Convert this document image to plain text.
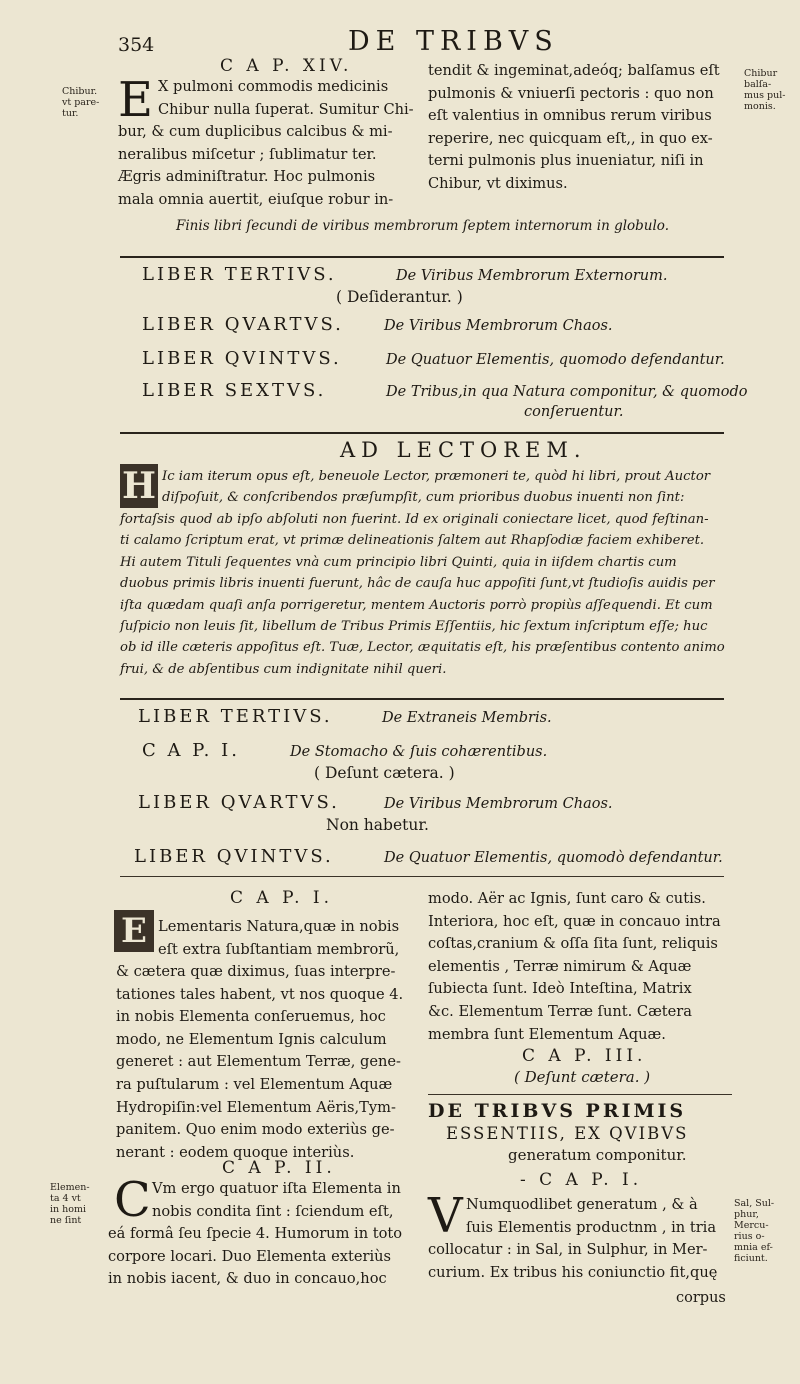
354	DE TRIBVS
Chibur.
vt pare-
tur.
Chibur
balſa-
mus pul-
monis.
C A P. XIV.
E X pulmoni commodis medicinis
Chibur nulla ſuperat. Sumitur Chi-
bur, & cum duplicibus calcibus & mi-
neralibus miſcetur ; ſublimatur ter.
Ægris adminiſtratur. Hoc pulmonis
mala omnia auertit, eiuſque robur in-
tendit & ingeminat,adeóq; balſamus eſt
pulmonis & vniuerſi pectoris : quo non
eſt valentius in omnibus rerum viribus
reperire, nec quicquam eſt,, in quo ex-
terni pulmonis plus inueniatur, niſi in
Chibur, vt diximus.
Finis libri ſecundi de viribus membrorum ſeptem internorum in globulo.
LIBER TERTIVS.	De Viribus Membrorum Externorum.
( Deſiderantur. )
LIBER QVARTVS.	De Viribus Membrorum Chaos.
LIBER QVINTVS.	De Quatuor Elementis, quomodo defendantur.
LIBER SEXTVS.	De Tribus,in qua Natura componitur, & quomodo
conſeruentur.
AD LECTOREM.
H Ic iam iterum opus eſt, beneuole Lector, præmoneri te, quòd hi libri, prout Auctor
diſpoſuit, & conſcribendos præſumpſit, cum prioribus duobus inuenti non ſint:
fortaſsis quod ab ipſo abſoluti non fuerint. Id ex originali coniectare licet, quod feſtinan-
ti calamo ſcriptum erat, vt primæ delineationis ſaltem aut Rhapſodiæ faciem exhiberet.
Hi autem Tituli ſequentes vnà cum principio libri Quinti, quia in iiſdem chartis cum
duobus primis libris inuenti fuerunt, hâc de cauſa huc appoſiti ſunt,vt ſtudioſis auidis per
iſta quædam quaſi anſa porrigeretur, mentem Auctoris porrò propiùs aſſequendi. Et cum
ſuſpicio non leuis ſit, libellum de Tribus Primis Eſſentiis, hic ſextum inſcriptum eſſe; huc
ob id ille cæteris appoſitus eſt. Tuæ, Lector, æquitatis eſt, his præſentibus contento animo
frui, & de abſentibus cum indignitate nihil queri.
LIBER TERTIVS.	De Extraneis Membris.
C A P. I.	De Stomacho & ſuis cohærentibus.
( Deſunt cætera. )
LIBER QVARTVS.	De Viribus Membrorum Chaos.
Non habetur.
LIBER QVINTVS.	De Quatuor Elementis, quomodò defendantur.
C A P. I.
E Lementaris Natura,quæ in nobis
eſt extra ſubſtantiam membrorũ,
& cætera quæ diximus, ſuas interpre-
tationes tales habent, vt nos quoque 4.
in nobis Elementa conſeruemus, hoc
modo, ne Elementum Ignis calculum
generet : aut Elementum Terræ, gene-
ra puſtularum : vel Elementum Aquæ
Hydropiſin:vel Elementum Aëris,Tym-
panitem. Quo enim modo exteriùs ge-
nerant : eodem quoque interiùs.
C A P. II.
C Vm ergo quatuor iſta Elementa in
nobis condita ſint : ſciendum eſt,
eá formâ ſeu ſpecie 4. Humorum in toto
corpore locari. Duo Elementa exteriùs
in nobis iacent, & duo in concauo,hoc
Elemen-
ta 4 vt
in homi
ne ſint
Sal, Sul-
phur,
Mercu-
rius o-
mnia ef-
ficiunt.
modo. Aër ac Ignis, ſunt caro & cutis.
Interiora, hoc eſt, quæ in concauo intra
coſtas,cranium & oſſa ſita ſunt, reliquis
elementis , Terræ nimirum & Aquæ
ſubiecta ſunt. Ideò Inteſtina, Matrix
&c. Elementum Terræ ſunt. Cætera
membra ſunt Elementum Aquæ.
C A P. III.
( Deſunt cætera. )
DE TRIBVS PRIMIS
ESSENTIIS, EX QVIBVS
generatum componitur.
- C A P. I.
V Numquodlibet generatum , & à
ſuis Elementis productnm , in tria
collocatur : in Sal, in Sulphur, in Mer-
curium. Ex tribus his coniunctio fit,quę
corpus
